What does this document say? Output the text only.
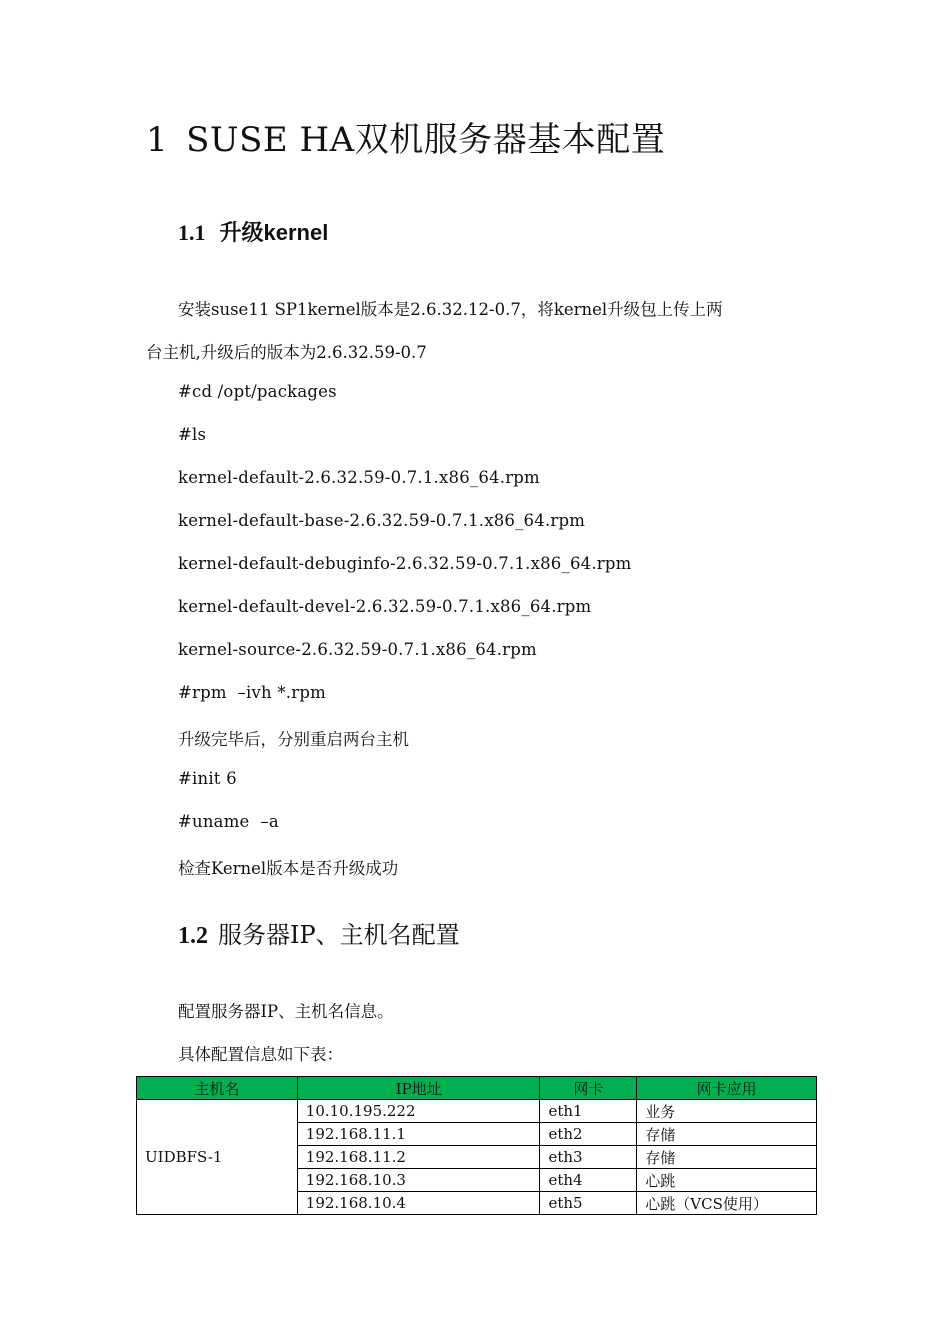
1 SUSE HA双机服务器基本配置
1.1 升级kernel
安装suse11 SP1kernel版本是2.6.32.12-0.7，将kernel升级包上传上两
台主机,升级后的版本为2.6.32.59-0.7
#cd /opt/packages
#ls
kernel-default-2.6.32.59-0.7.1.x86_64.rpm
kernel-default-base-2.6.32.59-0.7.1.x86_64.rpm
kernel-default-debuginfo-2.6.32.59-0.7.1.x86_64.rpm
kernel-default-devel-2.6.32.59-0.7.1.x86_64.rpm
kernel-source-2.6.32.59-0.7.1.x86_64.rpm
#rpm  –ivh *.rpm
升级完毕后，分别重启两台主机
#init 6
#uname  –a
检查Kernel版本是否升级成功
1.2 服务器IP、主机名配置
配置服务器IP、主机名信息。
具体配置信息如下表：
主机名	IP地址	网卡	网卡应用
UIDBFS-1	10.10.195.222	eth1	业务
	192.168.11.1	eth2	存储
	192.168.11.2	eth3	存储
	192.168.10.3	eth4	心跳
	192.168.10.4	eth5	心跳（VCS使用）
